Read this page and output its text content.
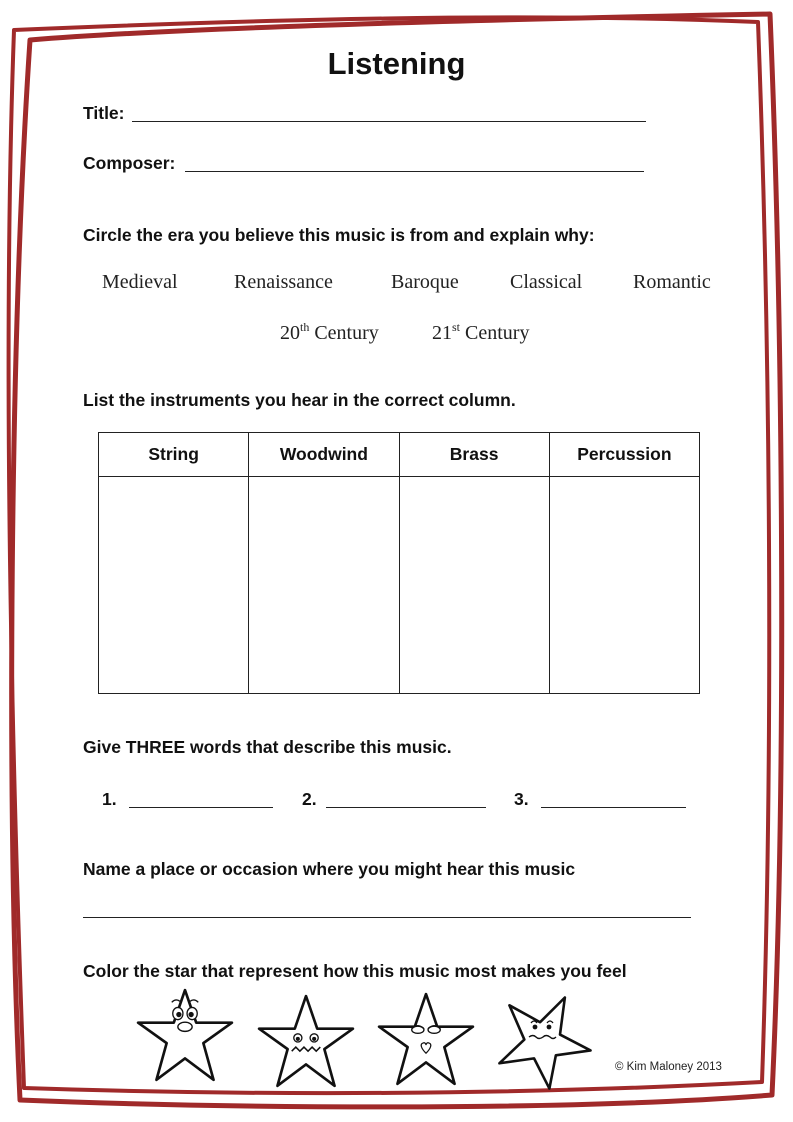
Listening
Title:
Composer:
Circle the era you believe this music is from and explain why:
Medieval	Renaissance	Baroque	Classical	Romantic
20th Century	21st Century
List the instruments you hear in the correct column.
String	Woodwind	Brass	Percussion

Give THREE words that describe this music.
1.	2.	3.
Name a place or occasion where you might hear this music
Color the star that represent how this music most makes you feel
© Kim Maloney 2013
